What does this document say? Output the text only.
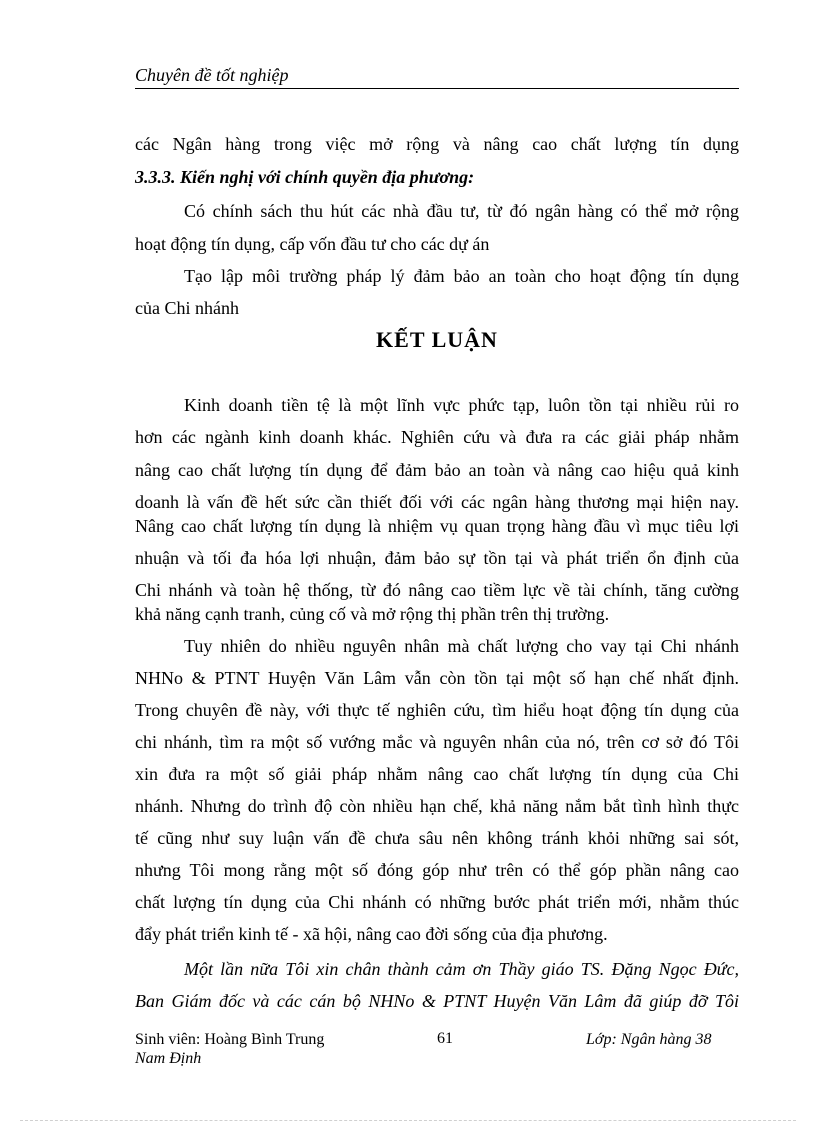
Chuyên đề tốt nghiệp
các Ngân hàng trong việc mở rộng và nâng cao chất lượng tín dụng
3.3.3. Kiến nghị với chính quyền địa phương:
Có chính sách thu hút các nhà đầu tư, từ đó ngân hàng có thể mở rộng
hoạt động tín dụng, cấp vốn đầu tư cho các dự án
Tạo lập môi trường pháp lý đảm bảo an toàn cho hoạt động tín dụng
của Chi nhánh
KẾT LUẬN
Kinh doanh tiền tệ là một lĩnh vực phức tạp, luôn tồn tại nhiều rủi ro
hơn các ngành kinh doanh khác. Nghiên cứu và đưa ra các giải pháp nhằm
nâng cao chất lượng tín dụng để đảm bảo an toàn và nâng cao hiệu quả kinh
doanh là vấn đề hết sức cần thiết đối với các ngân hàng thương mại hiện nay.
Nâng cao chất lượng tín dụng là nhiệm vụ quan trọng hàng đầu vì mục tiêu lợi
nhuận và tối đa hóa lợi nhuận, đảm bảo sự tồn tại và phát triển ổn định của
Chi nhánh và toàn hệ thống, từ đó nâng cao tiềm lực về tài chính, tăng cường
khả năng cạnh tranh, củng cố và mở rộng thị phần trên thị trường.
Tuy nhiên do nhiều nguyên nhân mà chất lượng cho vay tại Chi nhánh
NHNo & PTNT Huyện Văn Lâm vẫn còn tồn tại một số hạn chế nhất định.
Trong chuyên đề này, với thực tế nghiên cứu, tìm hiểu hoạt động tín dụng của
chi nhánh, tìm ra một số vướng mắc và nguyên nhân của nó, trên cơ sở đó Tôi
xin đưa ra một số giải pháp nhằm nâng cao chất lượng tín dụng của Chi
nhánh. Nhưng do trình độ còn nhiều hạn chế, khả năng nắm bắt tình hình thực
tế cũng như suy luận vấn đề chưa sâu nên không tránh khỏi những sai sót,
nhưng Tôi mong rằng một số đóng góp như trên có thể góp phần nâng cao
chất lượng tín dụng của Chi nhánh có những bước phát triển mới, nhằm thúc
đẩy phát triển kinh tế - xã hội, nâng cao đời sống của địa phương.
Một lần nữa Tôi xin chân thành cảm ơn Thầy giáo TS. Đặng Ngọc Đức,
Ban Giám đốc và các cán bộ NHNo & PTNT Huyện Văn Lâm đã giúp đỡ Tôi
Sinh viên: Hoàng Bình Trung
Nam Định
61	Lớp: Ngân hàng 38
